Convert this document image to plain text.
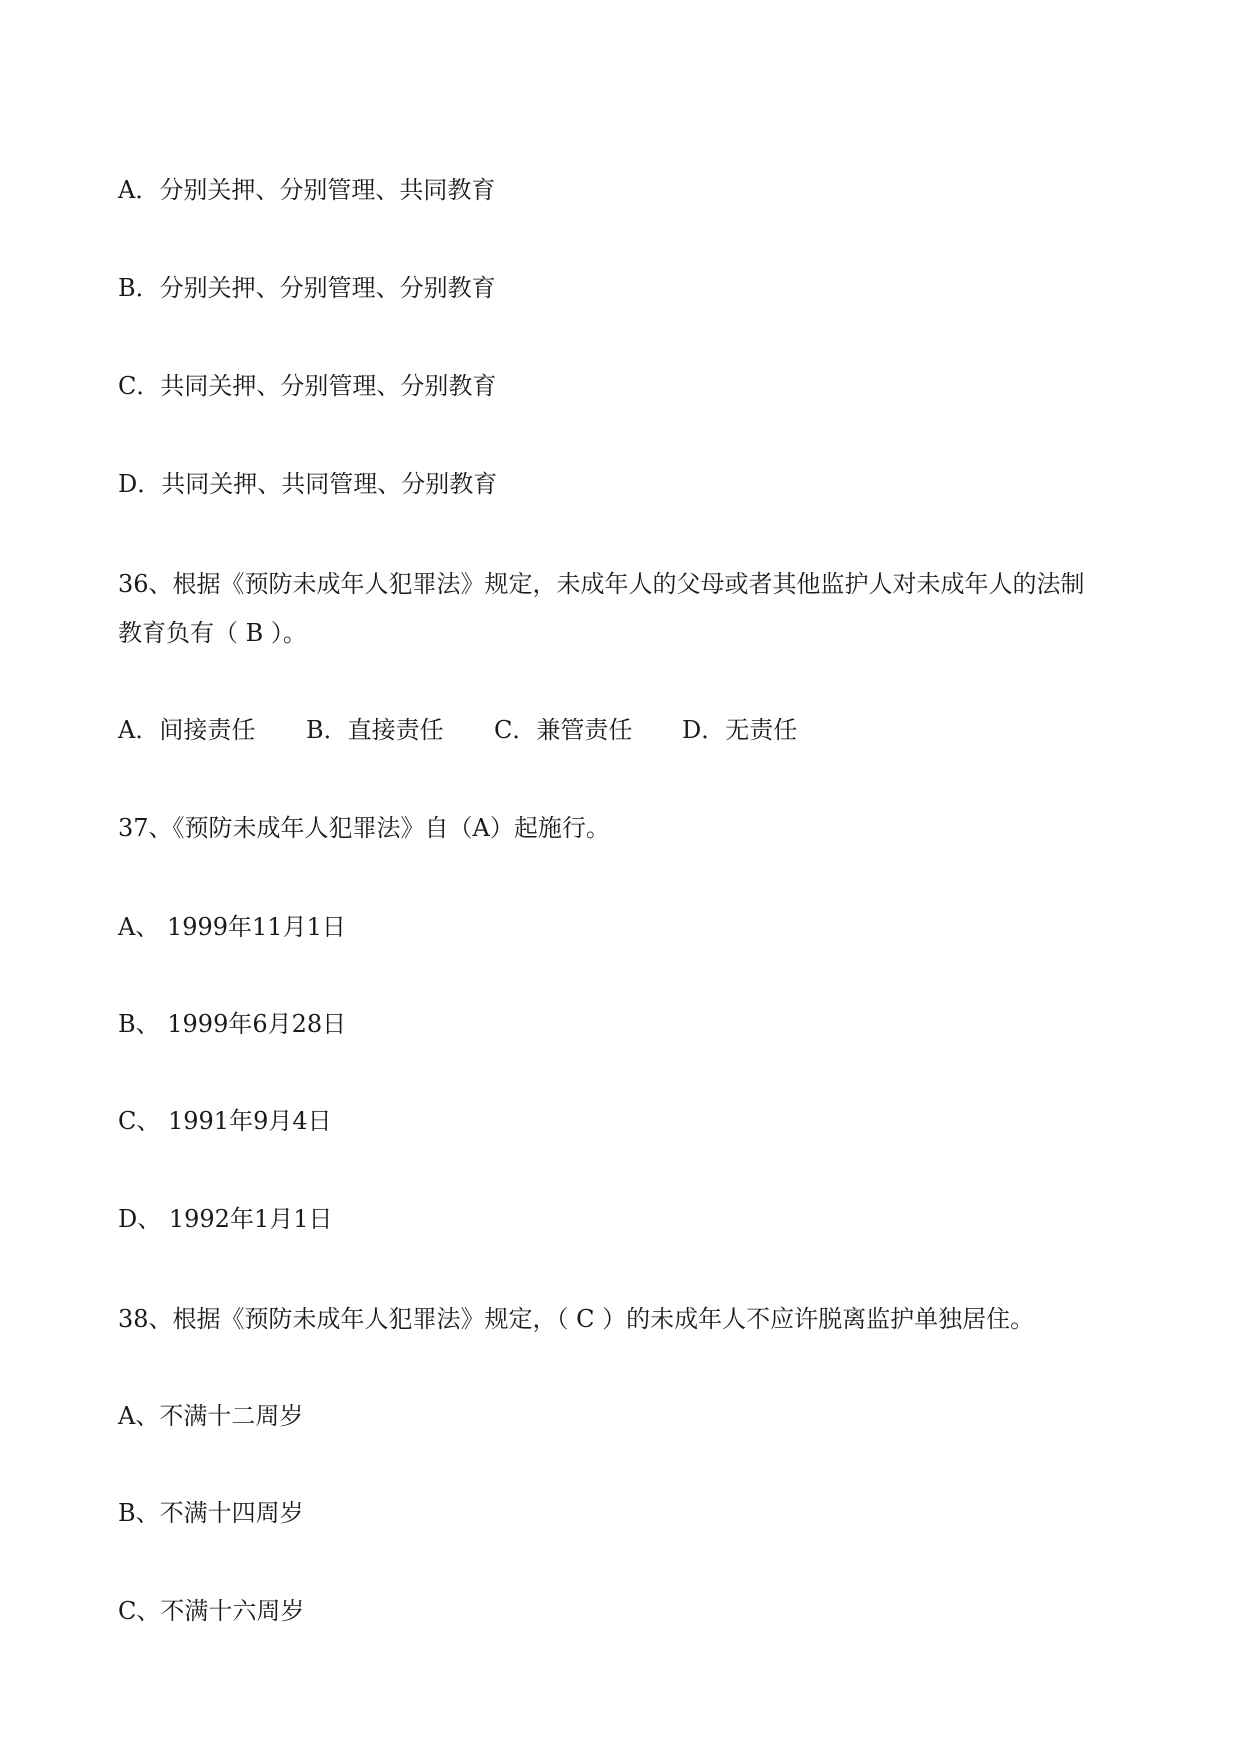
A．分别关押、分别管理、共同教育
B．分别关押、分别管理、分别教育
C．共同关押、分别管理、分别教育
D．共同关押、共同管理、分别教育
36、根据《预防未成年人犯罪法》规定，未成年人的父母或者其他监护人对未成年人的法制
教育负有（ B ）。
A．间接责任 B．直接责任 C．兼管责任 D．无责任
37、《预防未成年人犯罪法》自（A）起施行。
A、 1999年11月1日
B、 1999年6月28日
C、 1991年9月4日
D、 1992年1月1日
38、根据《预防未成年人犯罪法》规定，（ C ）的未成年人不应许脱离监护单独居住。
A、不满十二周岁
B、不满十四周岁
C、不满十六周岁
